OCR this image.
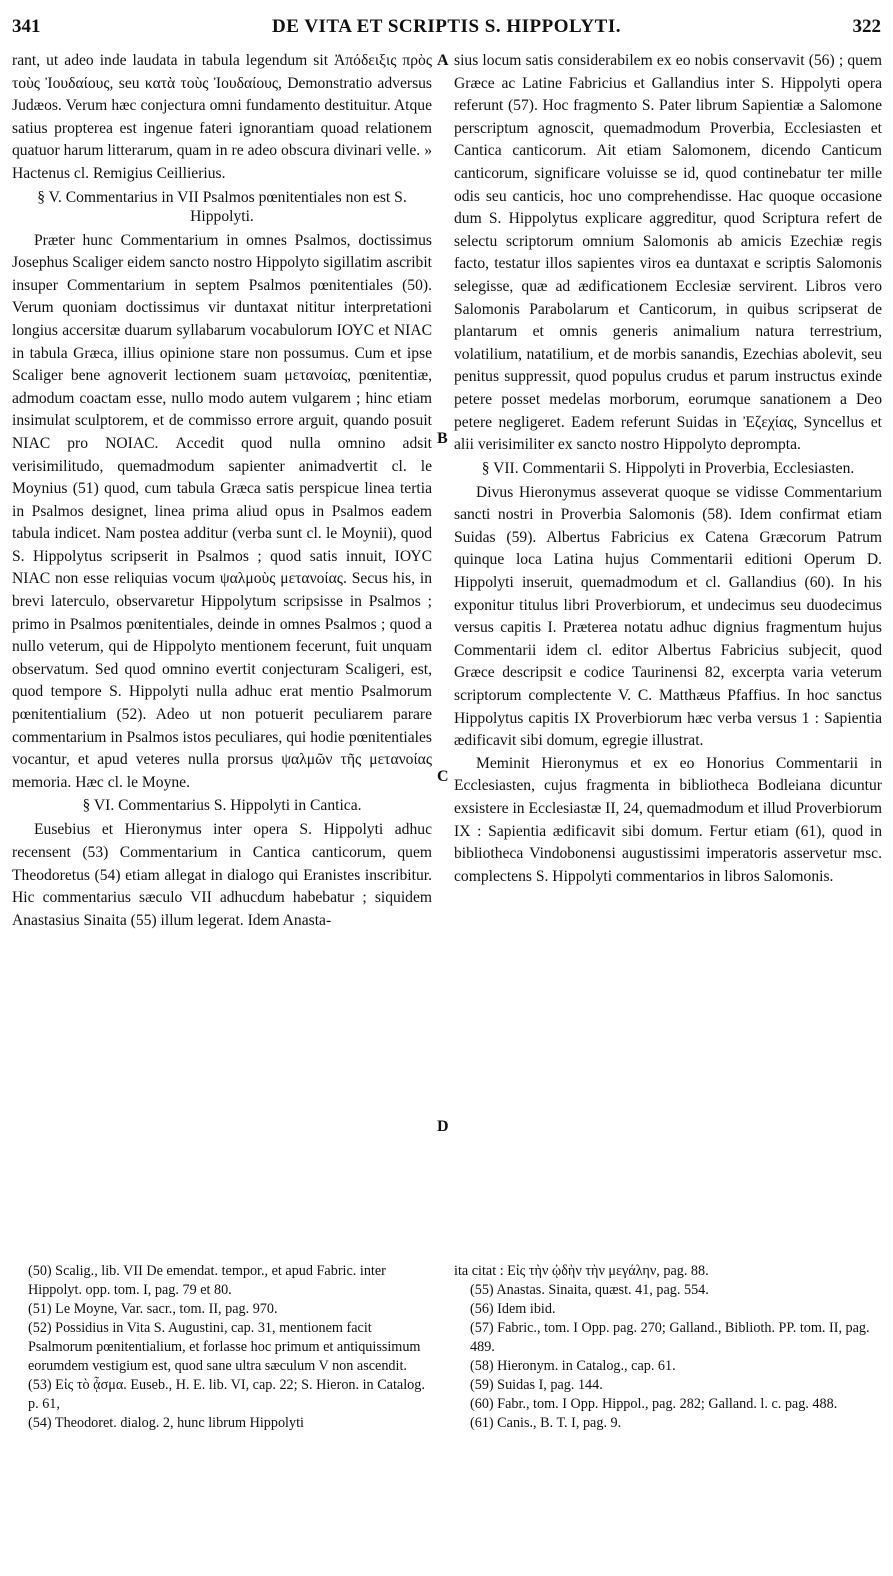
341	DE VITA ET SCRIPTIS S. HIPPOLYTI.	322

rant, ut adeo inde laudata in tabula legendum sit Ἀπόδειξις πρὸς τοὺς Ἰουδαίους, seu κατὰ τοὺς Ἰουδαίους, Demonstratio adversus Judæos. Verum hæc conjectura omni fundamento destituitur. Atque satius propterea est ingenue fateri ignorantiam quoad relationem quatuor harum litterarum, quam in re adeo obscura divinari velle. » Hactenus cl. Remigius Ceillierius.

§ V. Commentarius in VII Psalmos pœnitentiales non est S. Hippolyti.

Præter hunc Commentarium in omnes Psalmos, doctissimus Josephus Scaliger eidem sancto nostro Hippolyto sigillatim ascribit insuper Commentarium in septem Psalmos pœnitentiales (50). Verum quoniam doctissimus vir duntaxat nititur interpretationi longius accersitæ duarum syllabarum vocabulorum ΙΟΥϹ et ΝΙΑϹ in tabula Græca, illius opinione stare non possumus. Cum et ipse Scaliger bene agnoverit lectionem suam μετανοίας, pœnitentiæ, admodum coactam esse, nullo modo autem vulgarem ; hinc etiam insimulat sculptorem, et de commisso errore arguit, quando posuit ΝΙΑϹ pro ΝΟΙΑϹ. Accedit quod nulla omnino adsit verisimilitudo, quemadmodum sapienter animadvertit cl. le Moynius (51) quod, cum tabula Græca satis perspicue linea tertia in Psalmos designet, linea prima aliud opus in Psalmos eadem tabula indicet. Nam postea additur (verba sunt cl. le Moynii), quod S. Hippolytus scripserit in Psalmos ; quod satis innuit, ΙΟΥϹ ΝΙΑϹ non esse reliquias vocum ψαλμοὺς μετανοίας. Secus his, in brevi laterculo, observaretur Hippolytum scripsisse in Psalmos ; primo in Psalmos pœnitentiales, deinde in omnes Psalmos ; quod a nullo veterum, qui de Hippolyto mentionem fecerunt, fuit unquam observatum. Sed quod omnino evertit conjecturam Scaligeri, est, quod tempore S. Hippolyti nulla adhuc erat mentio Psalmorum pœnitentialium (52). Adeo ut non potuerit peculiarem parare commentarium in Psalmos istos peculiares, qui hodie pœnitentiales vocantur, et apud veteres nulla prorsus ψαλμῶν τῆς μετανοίας memoria. Hæc cl. le Moyne.

§ VI. Commentarius S. Hippolyti in Cantica.

Eusebius et Hieronymus inter opera S. Hippolyti adhuc recensent (53) Commentarium in Cantica canticorum, quem Theodoretus (54) etiam allegat in dialogo qui Eranistes inscribitur. Hic commentarius sæculo VII adhucdum habebatur ; siquidem Anastasius Sinaita (55) illum legerat. Idem Anasta-

A
B
C
D

sius locum satis considerabilem ex eo nobis conservavit (56) ; quem Græce ac Latine Fabricius et Gallandius inter S. Hippolyti opera referunt (57). Hoc fragmento S. Pater librum Sapientiæ a Salomone perscriptum agnoscit, quemadmodum Proverbia, Ecclesiasten et Cantica canticorum. Ait etiam Salomonem, dicendo Canticum canticorum, significare voluisse se id, quod continebatur ter mille odis seu canticis, hoc uno comprehendisse. Hac quoque occasione dum S. Hippolytus explicare aggreditur, quod Scriptura refert de selectu scriptorum omnium Salomonis ab amicis Ezechiæ regis facto, testatur illos sapientes viros ea duntaxat e scriptis Salomonis selegisse, quæ ad ædificationem Ecclesiæ servirent. Libros vero Salomonis Parabolarum et Canticorum, in quibus scripserat de plantarum et omnis generis animalium natura terrestrium, volatilium, natatilium, et de morbis sanandis, Ezechias abolevit, seu penitus suppressit, quod populus crudus et parum instructus exinde petere posset medelas morborum, eorumque sanationem a Deo petere negligeret. Eadem referunt Suidas in Ἐζεχίας, Syncellus et alii verisimiliter ex sancto nostro Hippolyto deprompta.

§ VII. Commentarii S. Hippolyti in Proverbia, Ecclesiasten.

Divus Hieronymus asseverat quoque se vidisse Commentarium sancti nostri in Proverbia Salomonis (58). Idem confirmat etiam Suidas (59). Albertus Fabricius ex Catena Græcorum Patrum quinque loca Latina hujus Commentarii editioni Operum D. Hippolyti inseruit, quemadmodum et cl. Gallandius (60). In his exponitur titulus libri Proverbiorum, et undecimus seu duodecimus versus capitis I. Præterea notatu adhuc dignius fragmentum hujus Commentarii idem cl. editor Albertus Fabricius subjecit, quod Græce descripsit e codice Taurinensi 82, excerpta varia veterum scriptorum complectente V. C. Matthæus Pfaffius. In hoc sanctus Hippolytus capitis IX Proverbiorum hæc verba versus 1 : Sapientia ædificavit sibi domum, egregie illustrat.

Meminit Hieronymus et ex eo Honorius Commentarii in Ecclesiasten, cujus fragmenta in bibliotheca Bodleiana dicuntur exsistere in Ecclesiastæ II, 24, quemadmodum et illud Proverbiorum IX : Sapientia ædificavit sibi domum. Fertur etiam (61), quod in bibliotheca Vindobonensi augustissimi imperatoris asservetur msc. complectens S. Hippolyti commentarios in libros Salomonis.

(50) Scalig., lib. VII De emendat. tempor., et apud Fabric. inter Hippolyt. opp. tom. I, pag. 79 et 80.
(51) Le Moyne, Var. sacr., tom. II, pag. 970.
(52) Possidius in Vita S. Augustini, cap. 31, mentionem facit Psalmorum pœnitentialium, et forlasse hoc primum et antiquissimum eorumdem vestigium est, quod sane ultra sæculum V non ascendit.
(53) Εἰς τὸ ᾆσμα. Euseb., H. E. lib. VI, cap. 22; S. Hieron. in Catalog. p. 61,
(54) Theodoret. dialog. 2, hunc librum Hippolyti
ita citat : Εἰς τὴν ᾠδὴν τὴν μεγάλην, pag. 88.
(55) Anastas. Sinaita, quæst. 41, pag. 554.
(56) Idem ibid.
(57) Fabric., tom. I Opp. pag. 270; Galland., Biblioth. PP. tom. II, pag. 489.
(58) Hieronym. in Catalog., cap. 61.
(59) Suidas I, pag. 144.
(60) Fabr., tom. I Opp. Hippol., pag. 282; Galland. l. c. pag. 488.
(61) Canis., B. T. I, pag. 9.
